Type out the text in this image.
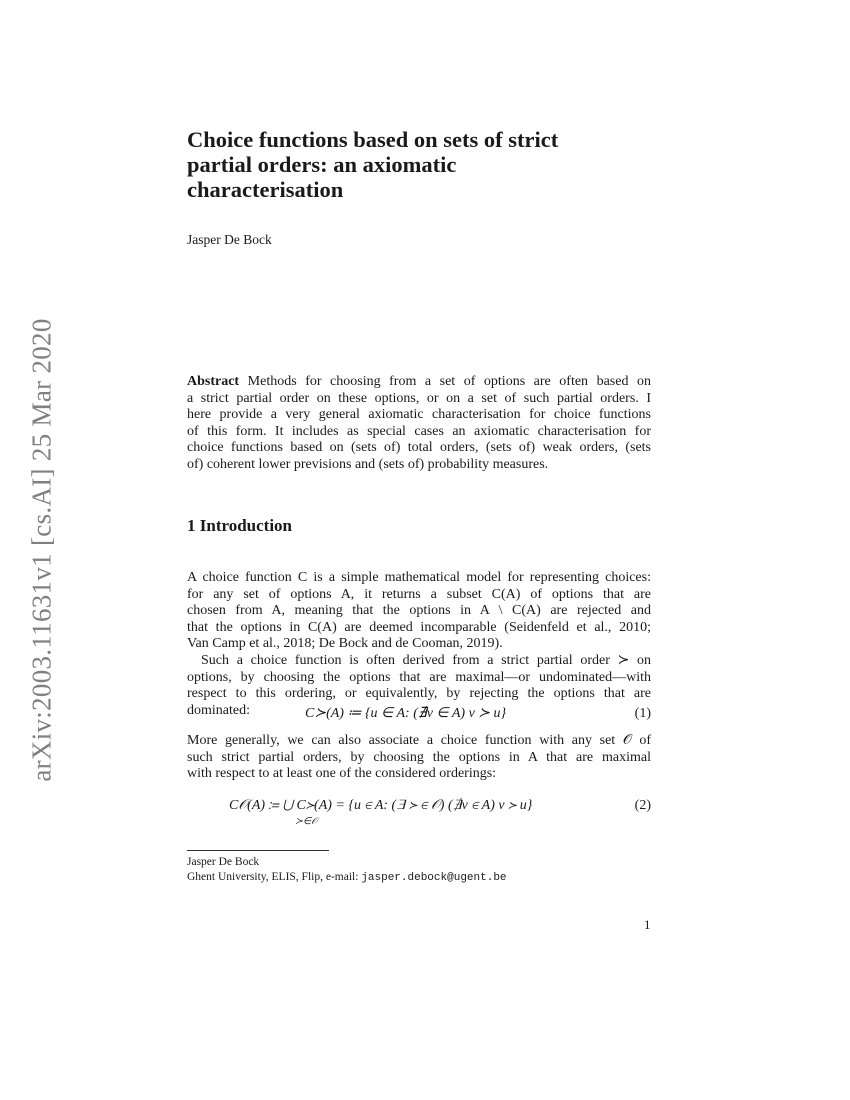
arXiv:2003.11631v1 [cs.AI] 25 Mar 2020
Choice functions based on sets of strict
partial orders: an axiomatic
characterisation
Jasper De Bock
Abstract Methods for choosing from a set of options are often based on
a strict partial order on these options, or on a set of such partial orders. I
here provide a very general axiomatic characterisation for choice functions
of this form. It includes as special cases an axiomatic characterisation for
choice functions based on (sets of) total orders, (sets of) weak orders, (sets
of) coherent lower previsions and (sets of) probability measures.
1 Introduction
A choice function C is a simple mathematical model for representing choices:
for any set of options A, it returns a subset C(A) of options that are
chosen from A, meaning that the options in A \ C(A) are rejected and
that the options in C(A) are deemed incomparable (Seidenfeld et al., 2010;
Van Camp et al., 2018; De Bock and de Cooman, 2019).
Such a choice function is often derived from a strict partial order ≻ on
options, by choosing the options that are maximal—or undominated—with
respect to this ordering, or equivalently, by rejecting the options that are
dominated:	C≻(A) ≔ {u ∈ A: (∄v ∈ A) v ≻ u}	(1)
More generally, we can also associate a choice function with any set 𝒪 of
such strict partial orders, by choosing the options in A that are maximal
with respect to at least one of the considered orderings:
C𝒪(A) ≔ ⋃ C≻(A) = {u ∈ A: (∃ ≻ ∈ 𝒪) (∄v ∈ A) v ≻ u}
≻∈𝒪
(2)
Jasper De Bock
Ghent University, ELIS, Flip, e-mail: jasper.debock@ugent.be
1
